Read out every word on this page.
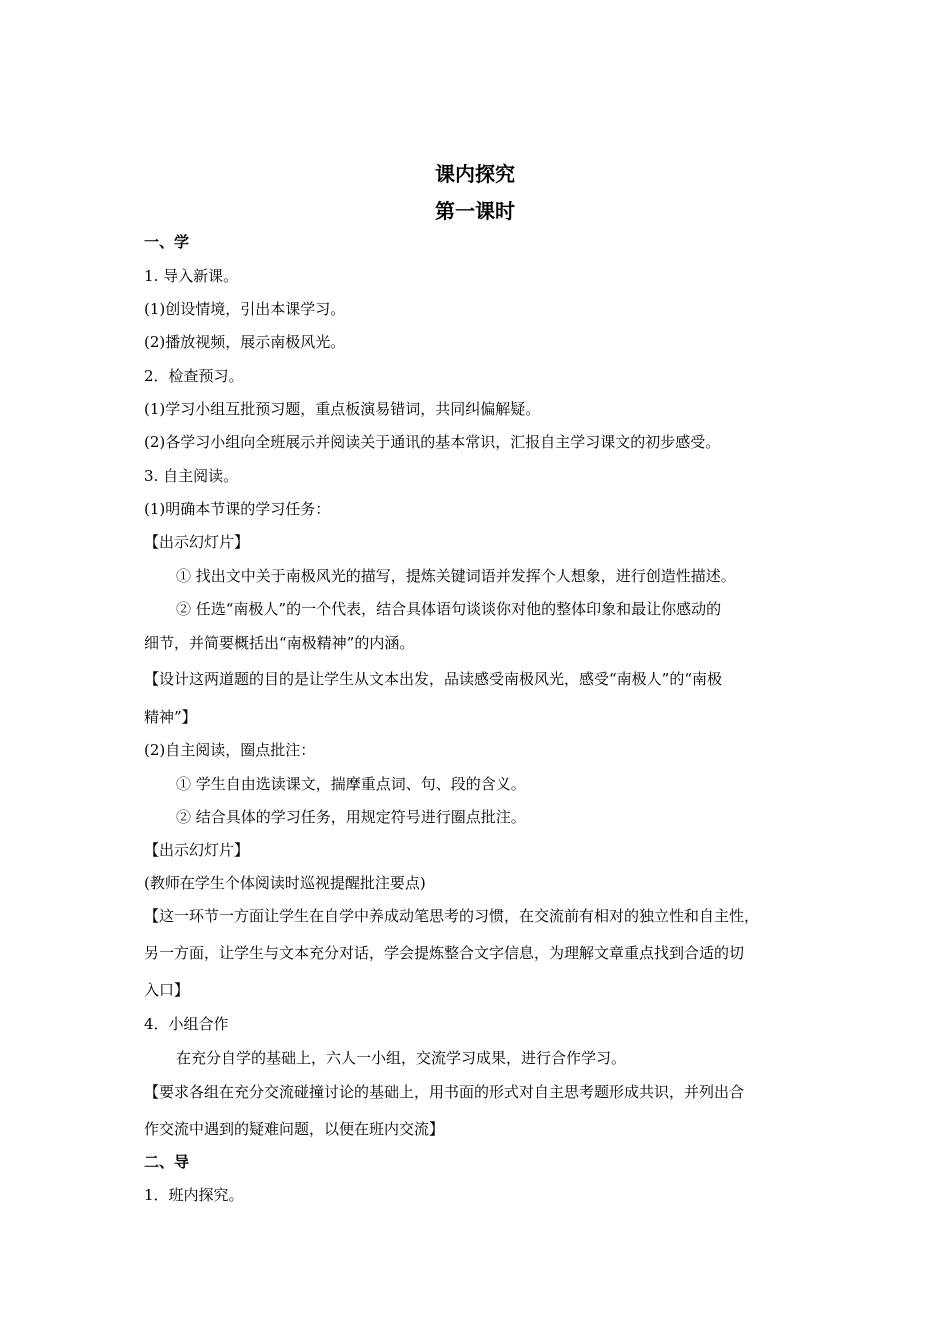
课内探究
第一课时
一、学
1. 导入新课。
(1)创设情境，引出本课学习。
(2)播放视频，展示南极风光。
2．检查预习。
(1)学习小组互批预习题，重点板演易错词，共同纠偏解疑。
(2)各学习小组向全班展示并阅读关于通讯的基本常识，汇报自主学习课文的初步感受。
3. 自主阅读。
(1)明确本节课的学习任务：
【出示幻灯片】
① 找出文中关于南极风光的描写，提炼关键词语并发挥个人想象，进行创造性描述。
② 任选“南极人”的一个代表，结合具体语句谈谈你对他的整体印象和最让你感动的
细节，并简要概括出“南极精神”的内涵。
【设计这两道题的目的是让学生从文本出发，品读感受南极风光，感受“南极人”的“南极
精神”】
(2)自主阅读，圈点批注：
① 学生自由选读课文，揣摩重点词、句、段的含义。
② 结合具体的学习任务，用规定符号进行圈点批注。
【出示幻灯片】
(教师在学生个体阅读时巡视提醒批注要点)
【这一环节一方面让学生在自学中养成动笔思考的习惯，在交流前有相对的独立性和自主性，
另一方面，让学生与文本充分对话，学会提炼整合文字信息，为理解文章重点找到合适的切
入口】
4．小组合作
在充分自学的基础上，六人一小组，交流学习成果，进行合作学习。
【要求各组在充分交流碰撞讨论的基础上，用书面的形式对自主思考题形成共识，并列出合
作交流中遇到的疑难问题，以便在班内交流】
二、导
1．班内探究。
